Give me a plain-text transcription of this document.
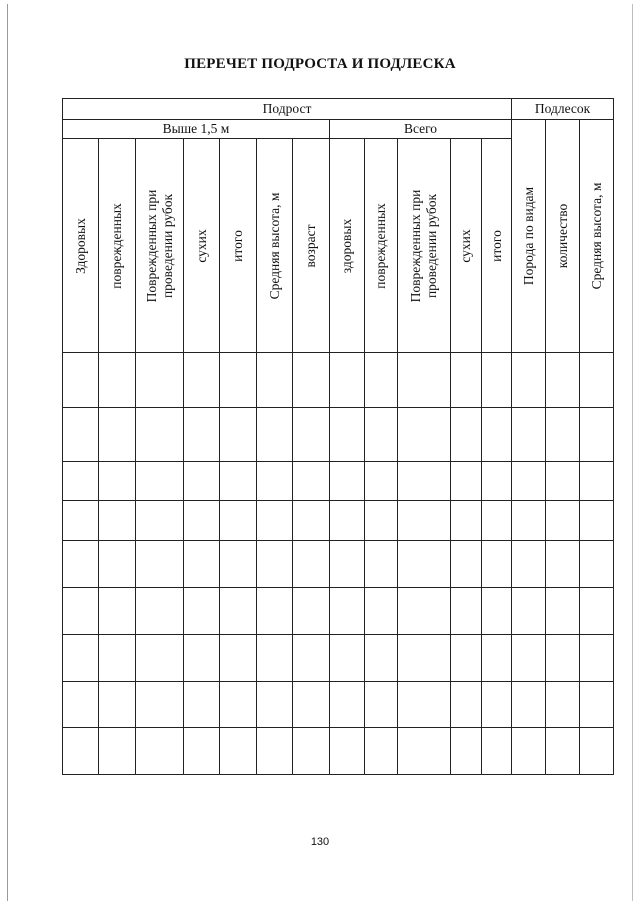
ПЕРЕЧЕТ ПОДРОСТА И ПОДЛЕСКА
Подрост												Подлесок		
Выше 1,5 м							Всего					Порода по видам	количество	Средняя высота, м

Здоровых	поврежденных	Поврежденных при проведении рубок	сухих	итого	Средняя высота, м	возраст	здоровых	поврежденных	Поврежденных при проведении рубок	сухих	итого			

130
